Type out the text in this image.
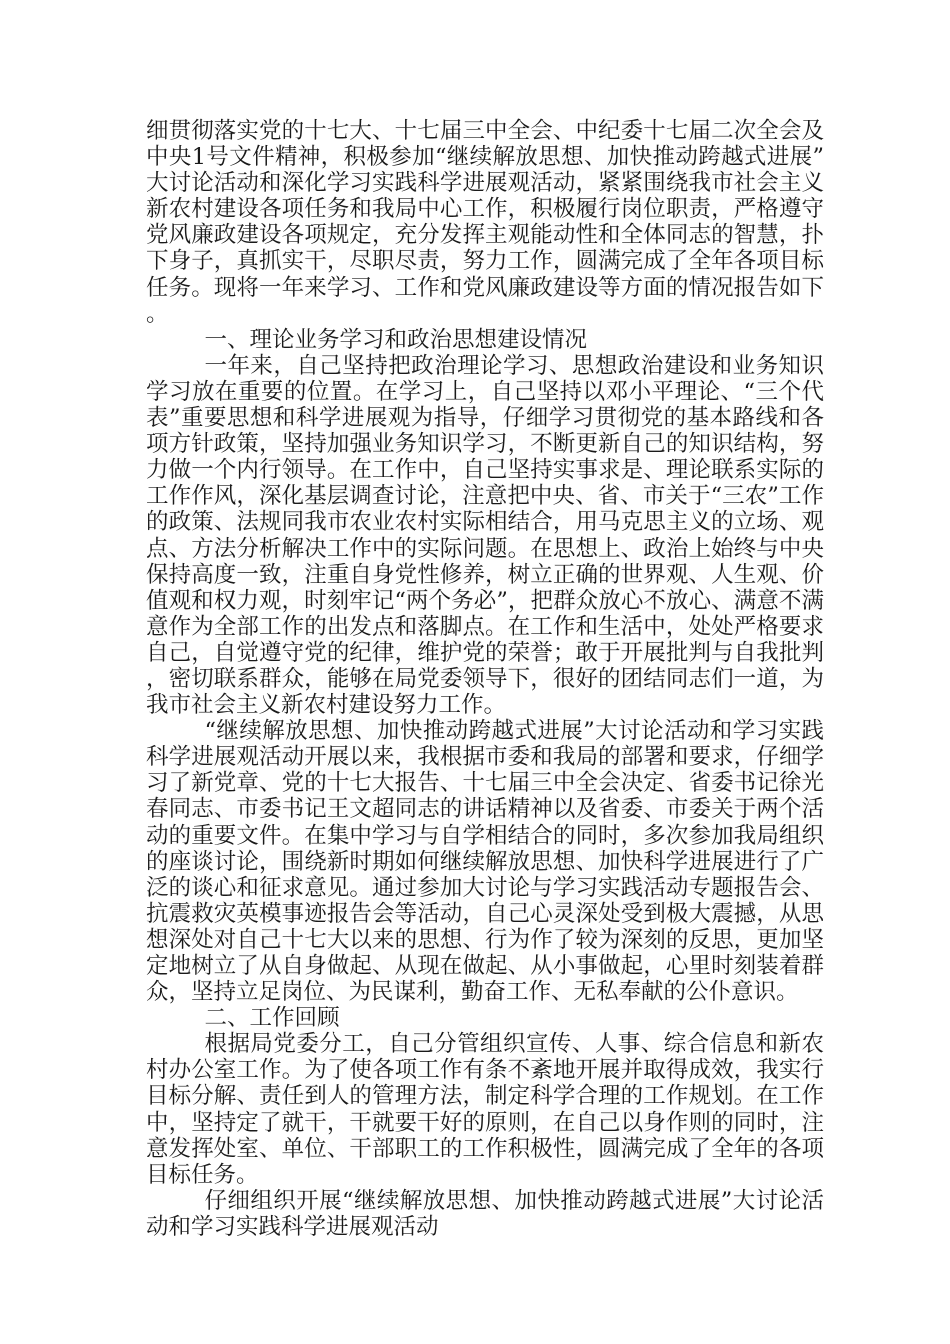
细贯彻落实党的十七大、十七届三中全会、中纪委十七届二次全会及中央1号文件精神，积极参加“继续解放思想、加快推动跨越式进展”大讨论活动和深化学习实践科学进展观活动，紧紧围绕我市社会主义新农村建设各项任务和我局中心工作，积极履行岗位职责，严格遵守党风廉政建设各项规定，充分发挥主观能动性和全体同志的智慧，扑下身子，真抓实干，尽职尽责，努力工作，圆满完成了全年各项目标任务。现将一年来学习、工作和党风廉政建设等方面的情况报告如下。

一、理论业务学习和政治思想建设情况

一年来，自己坚持把政治理论学习、思想政治建设和业务知识学习放在重要的位置。在学习上，自己坚持以邓小平理论、“三个代表”重要思想和科学进展观为指导，仔细学习贯彻党的基本路线和各项方针政策，坚持加强业务知识学习，不断更新自己的知识结构，努力做一个内行领导。在工作中，自己坚持实事求是、理论联系实际的工作作风，深化基层调查讨论，注意把中央、省、市关于“三农”工作的政策、法规同我市农业农村实际相结合，用马克思主义的立场、观点、方法分析解决工作中的实际问题。在思想上、政治上始终与中央保持高度一致，注重自身党性修养，树立正确的世界观、人生观、价值观和权力观，时刻牢记“两个务必”，把群众放心不放心、满意不满意作为全部工作的出发点和落脚点。在工作和生活中，处处严格要求自己，自觉遵守党的纪律，维护党的荣誉；敢于开展批判与自我批判，密切联系群众，能够在局党委领导下，很好的团结同志们一道，为我市社会主义新农村建设努力工作。

“继续解放思想、加快推动跨越式进展”大讨论活动和学习实践科学进展观活动开展以来，我根据市委和我局的部署和要求，仔细学习了新党章、党的十七大报告、十七届三中全会决定、省委书记徐光春同志、市委书记王文超同志的讲话精神以及省委、市委关于两个活动的重要文件。在集中学习与自学相结合的同时，多次参加我局组织的座谈讨论，围绕新时期如何继续解放思想、加快科学进展进行了广泛的谈心和征求意见。通过参加大讨论与学习实践活动专题报告会、抗震救灾英模事迹报告会等活动，自己心灵深处受到极大震撼，从思想深处对自己十七大以来的思想、行为作了较为深刻的反思，更加坚定地树立了从自身做起、从现在做起、从小事做起，心里时刻装着群众，坚持立足岗位、为民谋利，勤奋工作、无私奉献的公仆意识。

二、工作回顾

根据局党委分工，自己分管组织宣传、人事、综合信息和新农村办公室工作。为了使各项工作有条不紊地开展并取得成效，我实行目标分解、责任到人的管理方法，制定科学合理的工作规划。在工作中，坚持定了就干，干就要干好的原则，在自己以身作则的同时，注意发挥处室、单位、干部职工的工作积极性，圆满完成了全年的各项目标任务。

仔细组织开展“继续解放思想、加快推动跨越式进展”大讨论活动和学习实践科学进展观活动
